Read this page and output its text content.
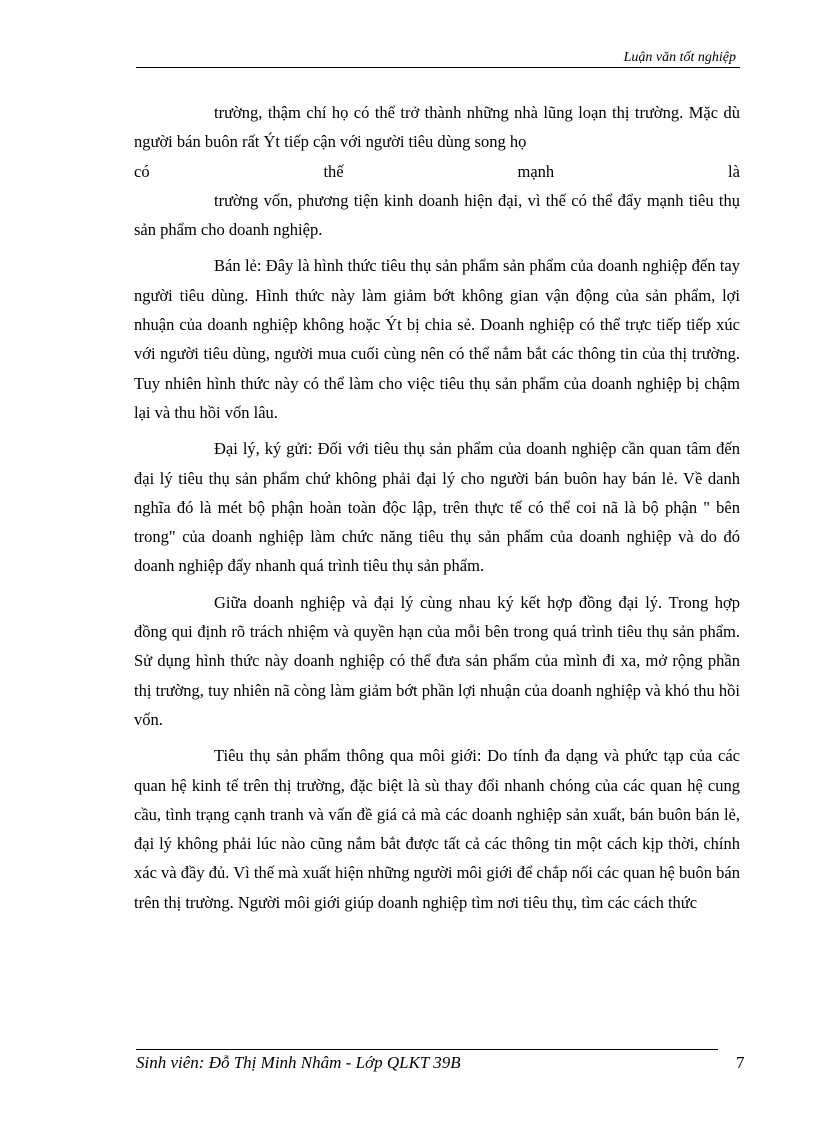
Luận văn tốt nghiệp

trường, thậm chí họ có thể trở thành những nhà lũng loạn thị trường. Mặc dù người bán buôn rất Ýt tiếp cận với người tiêu dùng song họ

có	thế	mạnh	là

trường vốn, phương tiện kinh doanh hiện đại, vì thế có thể đẩy mạnh tiêu thụ sản phẩm cho doanh nghiệp.

Bán lẻ: Đây là hình thức tiêu thụ sản phẩm sản phẩm của doanh nghiệp đến tay người tiêu dùng. Hình thức này làm giảm bớt không gian vận động của sản phẩm, lợi nhuận của doanh nghiệp không hoặc Ýt bị chia sẻ. Doanh nghiệp có thể trực tiếp tiếp xúc với người tiêu dùng, người mua cuối cùng nên có thể nắm bắt các thông tin của thị trường. Tuy nhiên hình thức này có thể làm cho việc tiêu thụ sản phẩm của doanh nghiệp bị chậm lại và thu hồi vốn lâu.

Đại lý, ký gửi: Đối với tiêu thụ sản phẩm của doanh nghiệp cần quan tâm đến đại lý tiêu thụ sản phẩm chứ không phải đại lý cho người bán buôn hay bán lẻ. Về danh nghĩa đó là mét bộ phận hoàn toàn độc lập, trên thực tế có thể coi nã là bộ phận " bên trong" của doanh nghiệp làm chức năng tiêu thụ sản phẩm của doanh nghiệp và do đó doanh nghiệp đẩy nhanh quá trình tiêu thụ sản phẩm.

Giữa doanh nghiệp và đại lý cùng nhau ký kết hợp đồng đại lý. Trong hợp đồng qui định rõ trách nhiệm và quyền hạn của mỗi bên trong quá trình tiêu thụ sản phẩm. Sử dụng hình thức này doanh nghiệp có thể đưa sản phẩm của mình đi xa, mở rộng phần thị trường, tuy nhiên nã còng làm giảm bớt phần lợi nhuận của doanh nghiệp và khó thu hồi vốn.

Tiêu thụ sản phẩm thông qua môi giới: Do tính đa dạng và phức tạp của các quan hệ kinh tế trên thị trường, đặc biệt là sù thay đổi nhanh chóng của các quan hệ cung cầu, tình trạng cạnh tranh và vấn đề giá cả mà các doanh nghiệp sản xuất, bán buôn bán lẻ, đại lý không phải lúc nào cũng nắm bắt được tất cả các thông tin một cách kịp thời, chính xác và đầy đủ. Vì thế mà xuất hiện những người môi giới để chắp nối các quan hệ buôn bán trên thị trường. Người môi giới giúp doanh nghiệp tìm nơi tiêu thụ, tìm các cách thức

Sinh viên: Đỗ Thị Minh Nhâm - Lớp QLKT 39B	7
